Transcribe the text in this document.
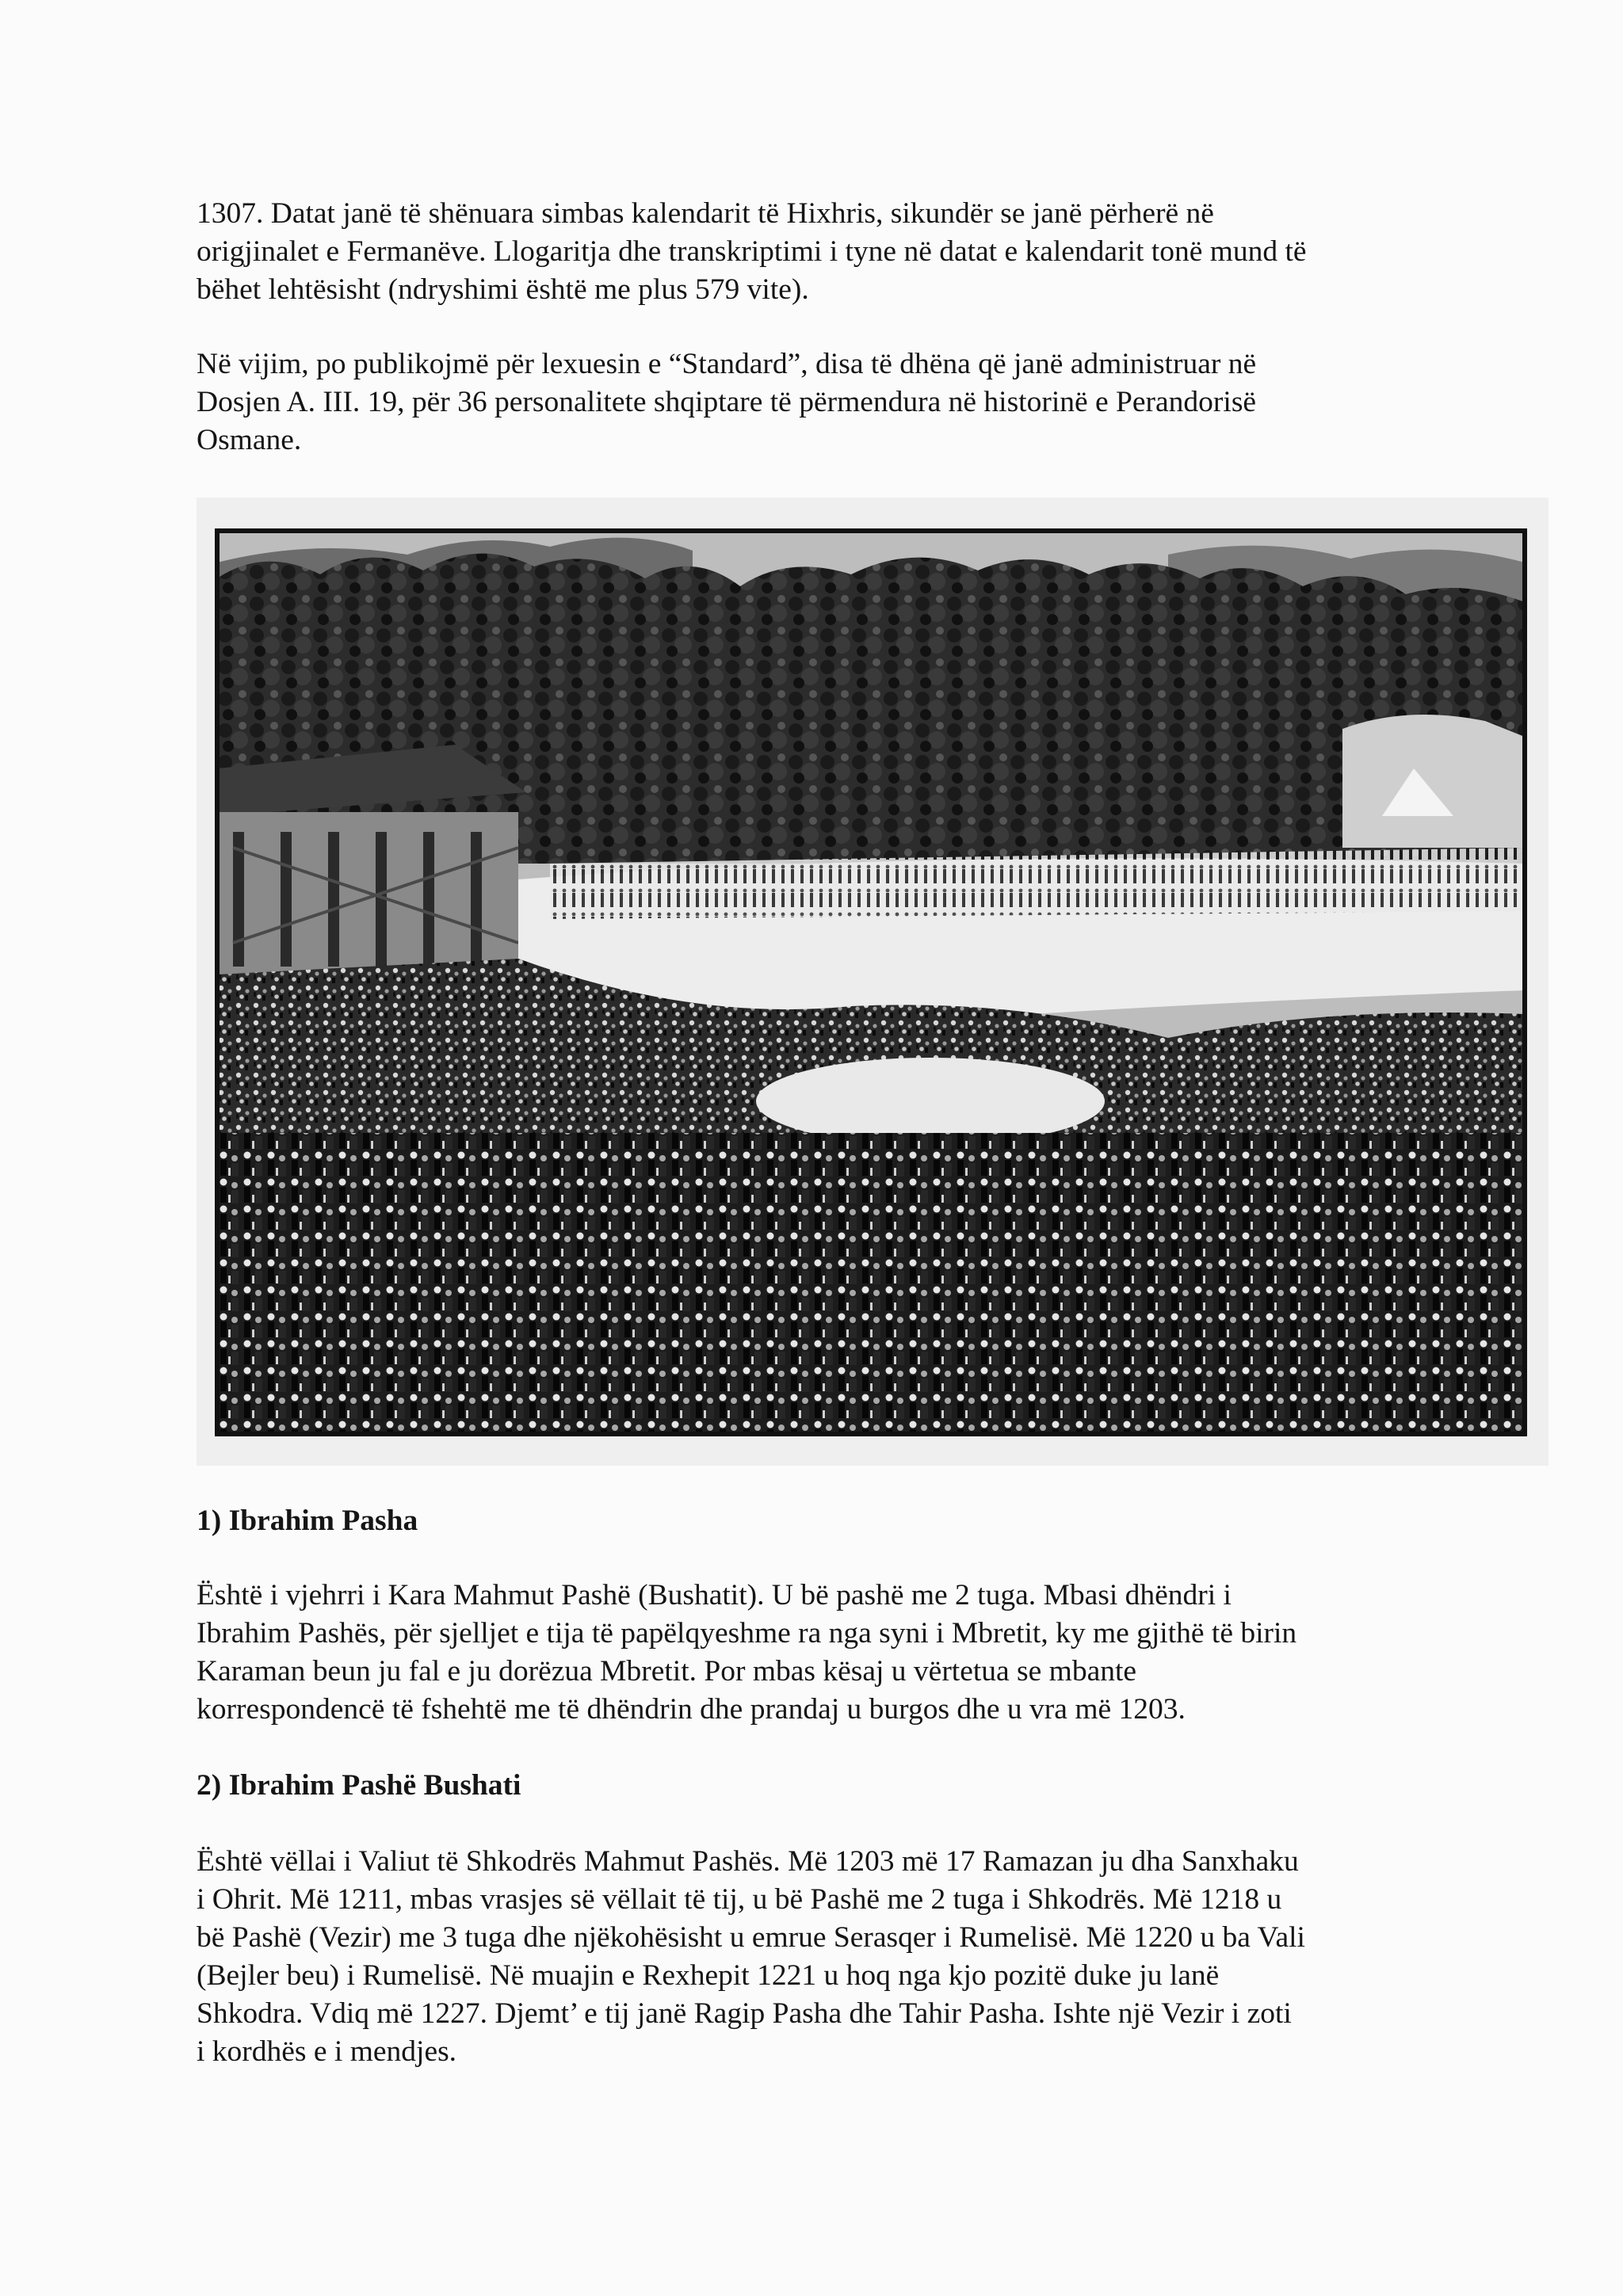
1307. Datat janë të shënuara simbas kalendarit të Hixhris, sikundër se janë përherë në
origjinalet e Fermanëve. Llogaritja dhe transkriptimi i tyne në datat e kalendarit tonë mund të
bëhet lehtësisht (ndryshimi është me plus 579 vite).
Në vijim, po publikojmë për lexuesin e “Standard”, disa të dhëna që janë administruar në
Dosjen A. III. 19, për 36 personalitete shqiptare të përmendura në historinë e Perandorisë
Osmane.
1) Ibrahim Pasha
Është i vjehrri i Kara Mahmut Pashë (Bushatit). U bë pashë me 2 tuga. Mbasi dhëndri i
Ibrahim Pashës, për sjelljet e tija të papëlqyeshme ra nga syni i Mbretit, ky me gjithë të birin
Karaman beun ju fal e ju dorëzua Mbretit. Por mbas kësaj u vërtetua se mbante
korrespondencë të fshehtë me të dhëndrin dhe prandaj u burgos dhe u vra më 1203.
2) Ibrahim Pashë Bushati
Është vëllai i Valiut të Shkodrës Mahmut Pashës. Më 1203 më 17 Ramazan ju dha Sanxhaku
i Ohrit. Më 1211, mbas vrasjes së vëllait të tij, u bë Pashë me 2 tuga i Shkodrës. Më 1218 u
bë Pashë (Vezir) me 3 tuga dhe njëkohësisht u emrue Serasqer i Rumelisë. Më 1220 u ba Vali
(Bejler beu) i Rumelisë. Në muajin e Rexhepit 1221 u hoq nga kjo pozitë duke ju lanë
Shkodra. Vdiq më 1227. Djemt’ e tij janë Ragip Pasha dhe Tahir Pasha. Ishte një Vezir i zoti
i kordhës e i mendjes.
